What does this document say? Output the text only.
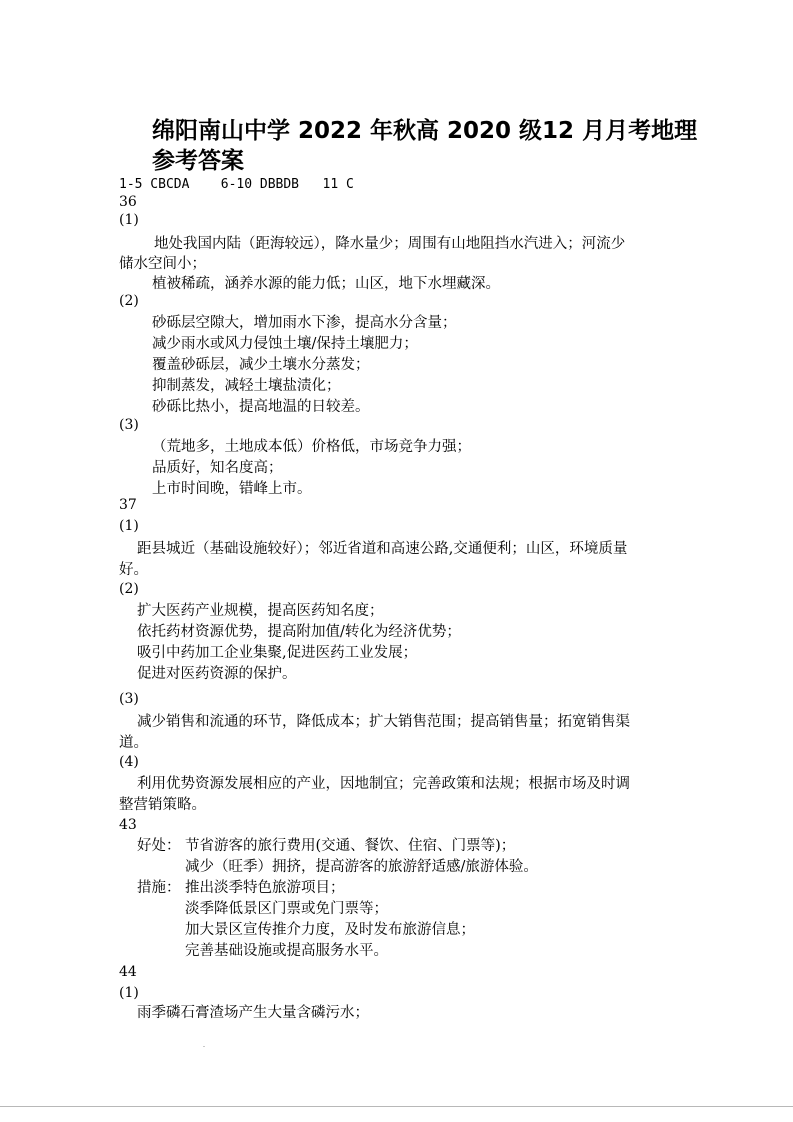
绵阳南山中学 2022 年秋高 2020 级12 月月考地理
参考答案
1-5 CBCDA    6-10 DBBDB   11 C
36
(1)
地处我国内陆（距海较远），降水量少；周围有山地阻挡水汽进入；河流少
储水空间小；
植被稀疏，涵养水源的能力低；山区，地下水埋藏深。
(2)
砂砾层空隙大，增加雨水下渗，提高水分含量；
减少雨水或风力侵蚀土壤/保持土壤肥力；
覆盖砂砾层，减少土壤水分蒸发；
抑制蒸发，减轻土壤盐渍化；
砂砾比热小，提高地温的日较差。
(3)
（荒地多，土地成本低）价格低，市场竞争力强；
品质好，知名度高；
上市时间晚，错峰上市。
37
(1)
距县城近（基础设施较好）；邻近省道和高速公路,交通便利；山区，环境质量
好。
(2)
扩大医药产业规模，提高医药知名度；
依托药材资源优势，提高附加值/转化为经济优势；
吸引中药加工企业集聚,促进医药工业发展；
促进对医药资源的保护。
(3)
减少销售和流通的环节，降低成本；扩大销售范围；提高销售量；拓宽销售渠
道。
(4)
利用优势资源发展相应的产业，因地制宜；完善政策和法规；根据市场及时调
整营销策略。
43
好处： 节省游客的旅行费用(交通、餐饮、住宿、门票等)；
减少（旺季）拥挤，提高游客的旅游舒适感/旅游体验。
措施： 推出淡季特色旅游项目；
淡季降低景区门票或免门票等；
加大景区宣传推介力度，及时发布旅游信息；
完善基础设施或提高服务水平。
44
(1)
雨季磷石膏渣场产生大量含磷污水；
